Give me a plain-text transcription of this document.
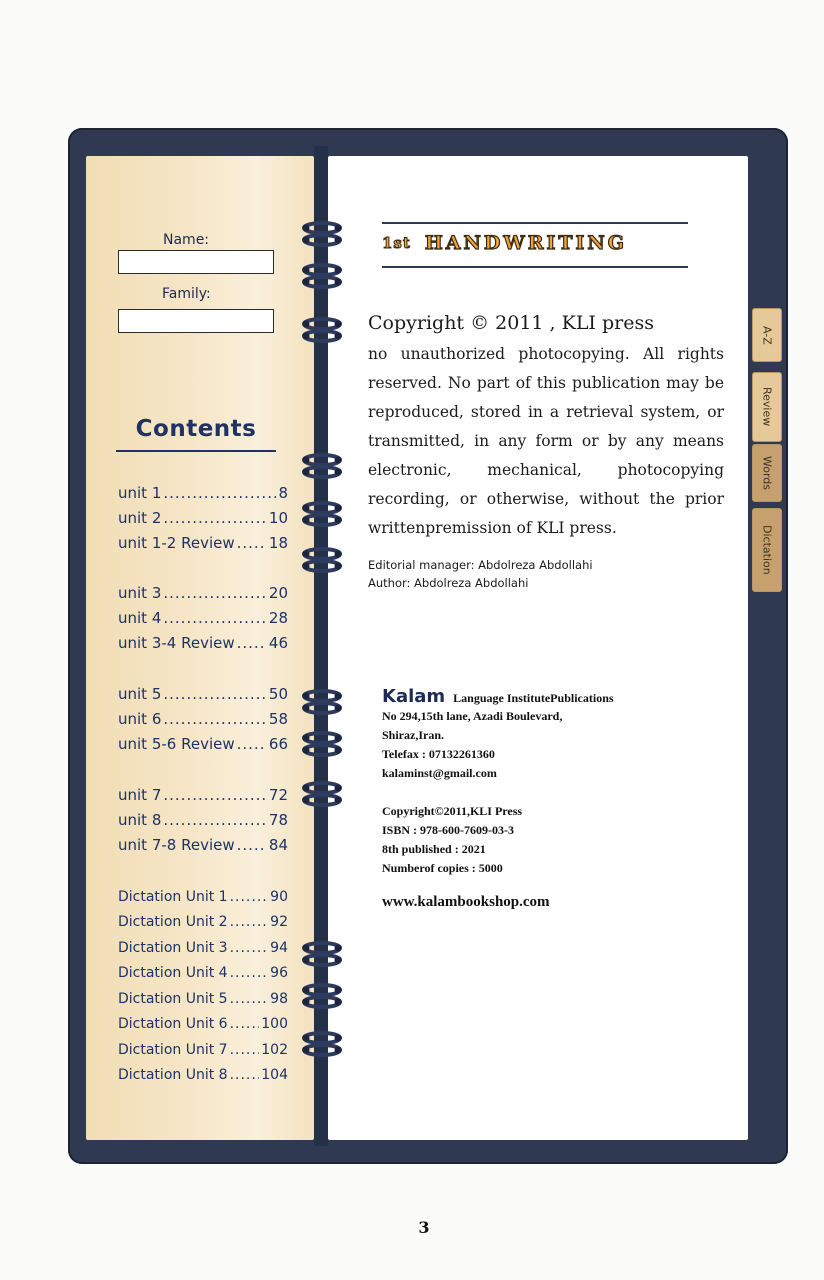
A-Z
Review
Words
Dictation
Name:
Family:
Contents
unit 1 .....	8
unit 2 .....	10
unit 1-2 Review ..... 18
unit 3 .....	20
unit 4 .....	28
unit 3-4 Review ..... 46
unit 5 .....	50
unit 6 .....	58
unit 5-6 Review ..... 66
unit 7 .....	72
unit 8 .....	78
unit 7-8 Review ..... 84
Dictation Unit 1 .....	90
Dictation Unit 2 .....	92
Dictation Unit 3 .....	94
Dictation Unit 4 .....	96
Dictation Unit 5 .....	98
Dictation Unit 6 ..... 100
Dictation Unit 7 ..... 102
Dictation Unit 8 ..... 104
1st HANDWRITING
Copyright © 2011 , KLI press
no unauthorized photocopying. All rights reserved. No part of this publication may be reproduced, stored in a retrieval system, or transmitted, in any form or by any means electronic, mechanical, photocopying recording, or otherwise, without the prior writtenpremission of KLI press.
Editorial manager: Abdolreza Abdollahi
Author: Abdolreza Abdollahi
Kalam Language InstitutePublications
No 294,15th lane, Azadi Boulevard,
Shiraz,Iran.
Telefax : 07132261360
kalaminst@gmail.com
Copyright©2011,KLI Press
ISBN : 978-600-7609-03-3
8th published : 2021
Numberof copies : 5000
www.kalambookshop.com
3
